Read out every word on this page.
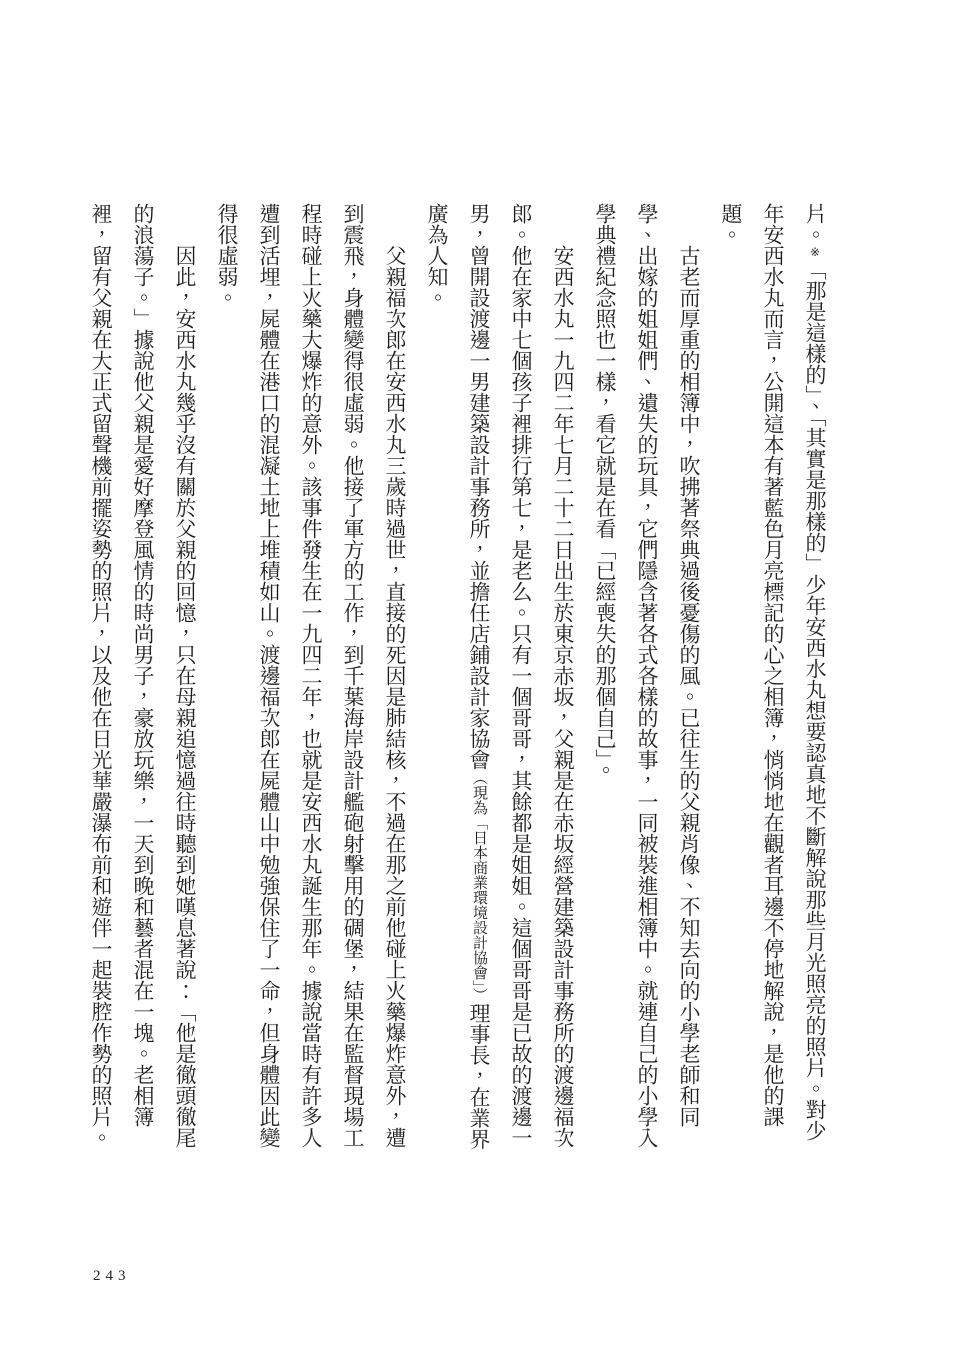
片。※「那是這樣的」、「其實是那樣的」少年安西水丸想要認真地不斷解說那些月光照亮的照片。對少年安西水丸而言，公開這本有著藍色月亮標記的心之相簿，悄悄地在觀者耳邊不停地解說，是他的課題。

古老而厚重的相簿中，吹拂著祭典過後憂傷的風。已往生的父親肖像、不知去向的小學老師和同學、出嫁的姐姐們、遺失的玩具，它們隱含著各式各樣的故事，一同被裝進相簿中。就連自己的小學入學典禮紀念照也一樣，看它就是在看「已經喪失的那個自己」。

安西水丸一九四二年七月二十二日出生於東京赤坂，父親是在赤坂經營建築設計事務所的渡邊福次郎。他在家中七個孩子裡排行第七，是老么。只有一個哥哥，其餘都是姐姐。這個哥哥是已故的渡邊一男，曾開設渡邊一男建築設計事務所，並擔任店鋪設計家協會（現為「日本商業環境設計協會」）理事長，在業界廣為人知。

父親福次郎在安西水丸三歲時過世，直接的死因是肺結核，不過在那之前他碰上火藥爆炸意外，遭到震飛，身體變得很虛弱。他接了軍方的工作，到千葉海岸設計艦砲射擊用的碉堡，結果在監督現場工程時碰上火藥大爆炸的意外。該事件發生在一九四二年，也就是安西水丸誕生那年。據說當時有許多人遭到活埋，屍體在港口的混凝土地上堆積如山。渡邊福次郎在屍體山中勉強保住了一命，但身體因此變得很虛弱。

因此，安西水丸幾乎沒有關於父親的回憶，只在母親追憶過往時聽到她嘆息著說：「他是徹頭徹尾的浪蕩子。」據說他父親是愛好摩登風情的時尚男子，豪放玩樂，一天到晚和藝者混在一塊。老相簿裡，留有父親在大正式留聲機前擺姿勢的照片，以及他在日光華嚴瀑布前和遊伴一起裝腔作勢的照片。

243
